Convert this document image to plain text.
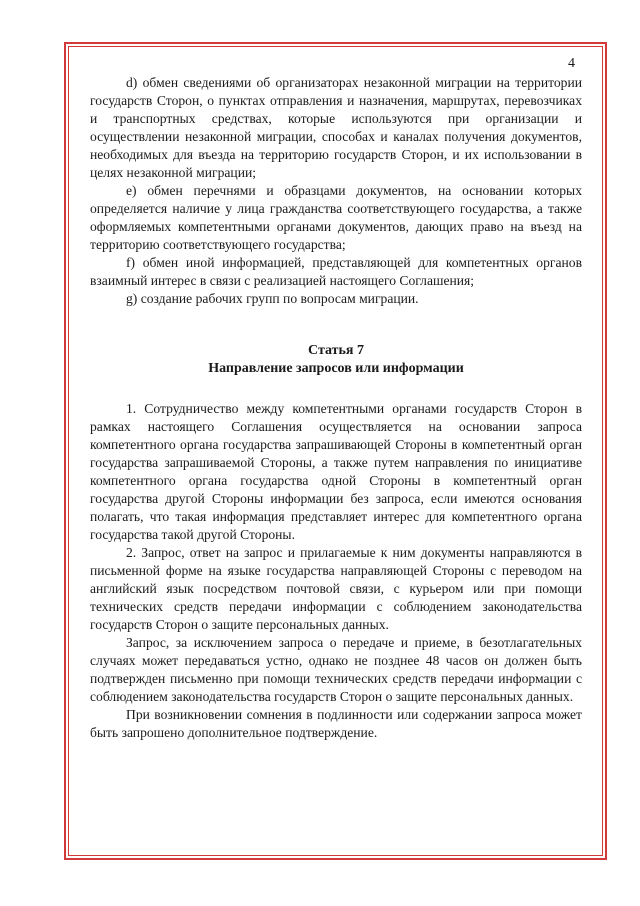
4

d) обмен сведениями об организаторах незаконной миграции на территории государств Сторон, о пунктах отправления и назначения, маршрутах, перевозчиках и транспортных средствах, которые используются при организации и осуществлении незаконной миграции, способах и каналах получения документов, необходимых для въезда на территорию государств Сторон, и их использовании в целях незаконной миграции;

e) обмен перечнями и образцами документов, на основании которых определяется наличие у лица гражданства соответствующего государства, а также оформляемых компетентными органами документов, дающих право на въезд на территорию соответствующего государства;

f) обмен иной информацией, представляющей для компетентных органов взаимный интерес в связи с реализацией настоящего Соглашения;

g) создание рабочих групп по вопросам миграции.

Статья 7
Направление запросов или информации

1. Сотрудничество между компетентными органами государств Сторон в рамках настоящего Соглашения осуществляется на основании запроса компетентного органа государства запрашивающей Стороны в компетентный орган государства запрашиваемой Стороны, а также путем направления по инициативе компетентного органа государства одной Стороны в компетентный орган государства другой Стороны информации без запроса, если имеются основания полагать, что такая информация представляет интерес для компетентного органа государства такой другой Стороны.

2. Запрос, ответ на запрос и прилагаемые к ним документы направляются в письменной форме на языке государства направляющей Стороны с переводом на английский язык посредством почтовой связи, с курьером или при помощи технических средств передачи информации с соблюдением законодательства государств Сторон о защите персональных данных.

Запрос, за исключением запроса о передаче и приеме, в безотлагательных случаях может передаваться устно, однако не позднее 48 часов он должен быть подтвержден письменно при помощи технических средств передачи информации с соблюдением законодательства государств Сторон о защите персональных данных.

При возникновении сомнения в подлинности или содержании запроса может быть запрошено дополнительное подтверждение.
